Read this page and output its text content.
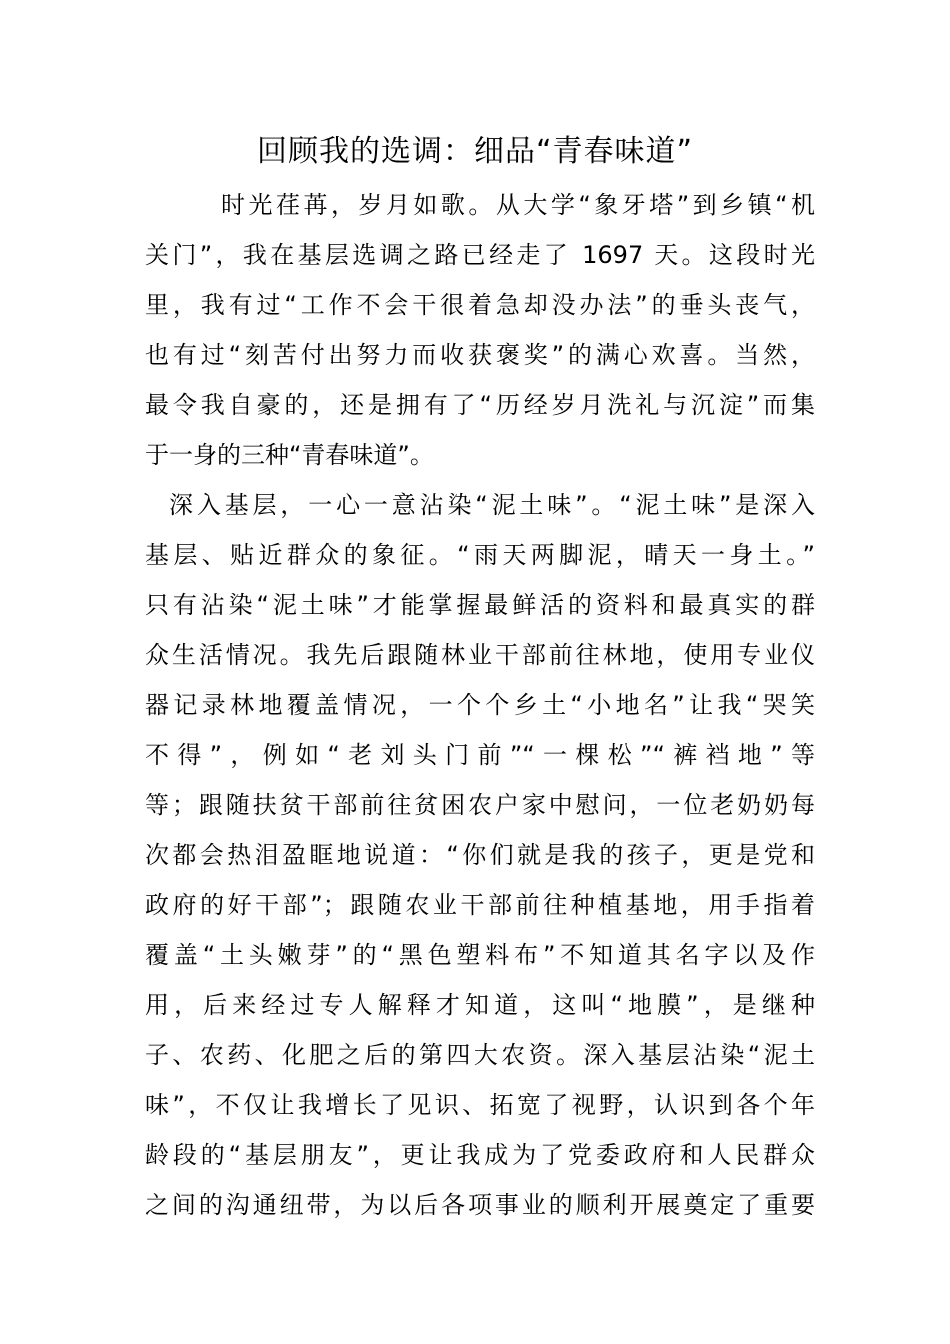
回顾我的选调：细品“青春味道”
时光荏苒，岁月如歌。从大学“象牙塔”到乡镇“机
关门”，我在基层选调之路已经走了 1697 天。这段时光
里，我有过“工作不会干很着急却没办法”的垂头丧气，
也有过“刻苦付出努力而收获褒奖”的满心欢喜。当然，
最令我自豪的，还是拥有了“历经岁月洗礼与沉淀”而集
于一身的三种“青春味道”。
深入基层，一心一意沾染“泥土味”。“泥土味”是深入
基层、贴近群众的象征。“雨天两脚泥，晴天一身土。”
只有沾染“泥土味”才能掌握最鲜活的资料和最真实的群
众生活情况。我先后跟随林业干部前往林地，使用专业仪
器记录林地覆盖情况，一个个乡土“小地名”让我“哭笑
不得”，例如“老刘头门前”“一棵松”“裤裆地”等
等；跟随扶贫干部前往贫困农户家中慰问，一位老奶奶每
次都会热泪盈眶地说道：“你们就是我的孩子，更是党和
政府的好干部”；跟随农业干部前往种植基地，用手指着
覆盖“土头嫩芽”的“黑色塑料布”不知道其名字以及作
用，后来经过专人解释才知道，这叫“地膜”，是继种
子、农药、化肥之后的第四大农资。深入基层沾染“泥土
味”，不仅让我增长了见识、拓宽了视野，认识到各个年
龄段的“基层朋友”，更让我成为了党委政府和人民群众
之间的沟通纽带，为以后各项事业的顺利开展奠定了重要
